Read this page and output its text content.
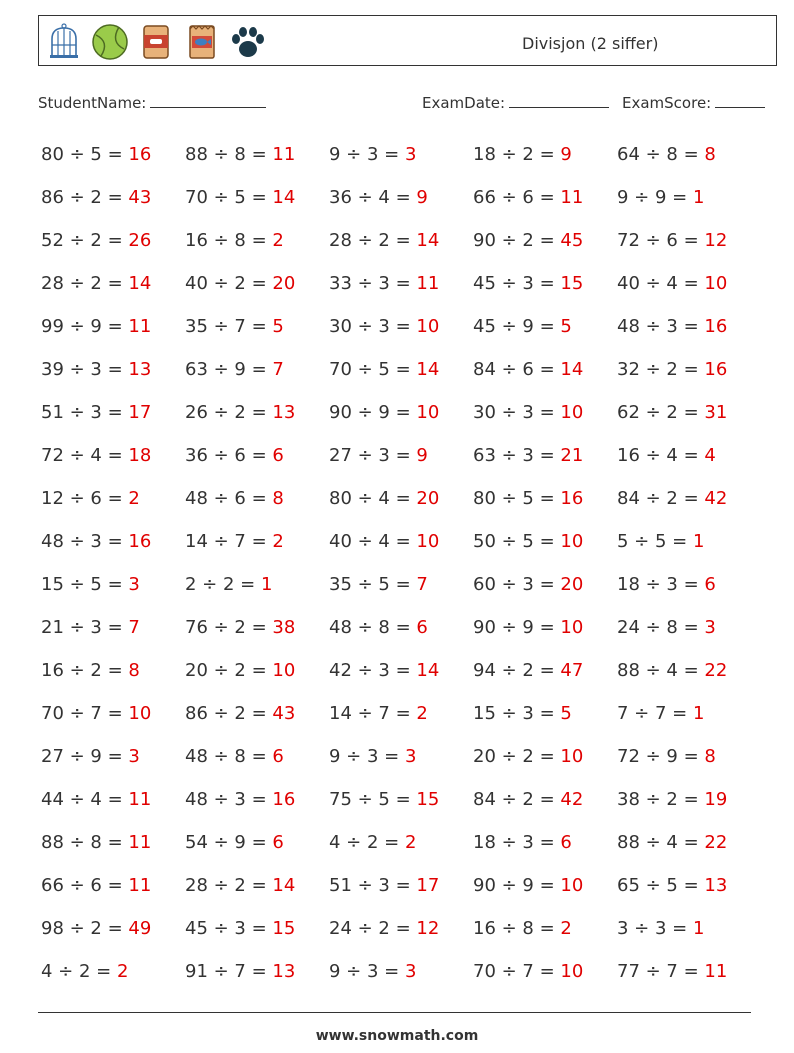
Divisjon (2 siffer)
StudentName:	ExamDate:	ExamScore:
80 ÷ 5 = 16	88 ÷ 8 = 11	9 ÷ 3 = 3	18 ÷ 2 = 9	64 ÷ 8 = 8
86 ÷ 2 = 43	70 ÷ 5 = 14	36 ÷ 4 = 9	66 ÷ 6 = 11	9 ÷ 9 = 1
52 ÷ 2 = 26	16 ÷ 8 = 2	28 ÷ 2 = 14	90 ÷ 2 = 45	72 ÷ 6 = 12
28 ÷ 2 = 14	40 ÷ 2 = 20	33 ÷ 3 = 11	45 ÷ 3 = 15	40 ÷ 4 = 10
99 ÷ 9 = 11	35 ÷ 7 = 5	30 ÷ 3 = 10	45 ÷ 9 = 5	48 ÷ 3 = 16
39 ÷ 3 = 13	63 ÷ 9 = 7	70 ÷ 5 = 14	84 ÷ 6 = 14	32 ÷ 2 = 16
51 ÷ 3 = 17	26 ÷ 2 = 13	90 ÷ 9 = 10	30 ÷ 3 = 10	62 ÷ 2 = 31
72 ÷ 4 = 18	36 ÷ 6 = 6	27 ÷ 3 = 9	63 ÷ 3 = 21	16 ÷ 4 = 4
12 ÷ 6 = 2	48 ÷ 6 = 8	80 ÷ 4 = 20	80 ÷ 5 = 16	84 ÷ 2 = 42
48 ÷ 3 = 16	14 ÷ 7 = 2	40 ÷ 4 = 10	50 ÷ 5 = 10	5 ÷ 5 = 1
15 ÷ 5 = 3	2 ÷ 2 = 1	35 ÷ 5 = 7	60 ÷ 3 = 20	18 ÷ 3 = 6
21 ÷ 3 = 7	76 ÷ 2 = 38	48 ÷ 8 = 6	90 ÷ 9 = 10	24 ÷ 8 = 3
16 ÷ 2 = 8	20 ÷ 2 = 10	42 ÷ 3 = 14	94 ÷ 2 = 47	88 ÷ 4 = 22
70 ÷ 7 = 10	86 ÷ 2 = 43	14 ÷ 7 = 2	15 ÷ 3 = 5	7 ÷ 7 = 1
27 ÷ 9 = 3	48 ÷ 8 = 6	9 ÷ 3 = 3	20 ÷ 2 = 10	72 ÷ 9 = 8
44 ÷ 4 = 11	48 ÷ 3 = 16	75 ÷ 5 = 15	84 ÷ 2 = 42	38 ÷ 2 = 19
88 ÷ 8 = 11	54 ÷ 9 = 6	4 ÷ 2 = 2	18 ÷ 3 = 6	88 ÷ 4 = 22
66 ÷ 6 = 11	28 ÷ 2 = 14	51 ÷ 3 = 17	90 ÷ 9 = 10	65 ÷ 5 = 13
98 ÷ 2 = 49	45 ÷ 3 = 15	24 ÷ 2 = 12	16 ÷ 8 = 2	3 ÷ 3 = 1
4 ÷ 2 = 2	91 ÷ 7 = 13	9 ÷ 3 = 3	70 ÷ 7 = 10	77 ÷ 7 = 11
www.snowmath.com
